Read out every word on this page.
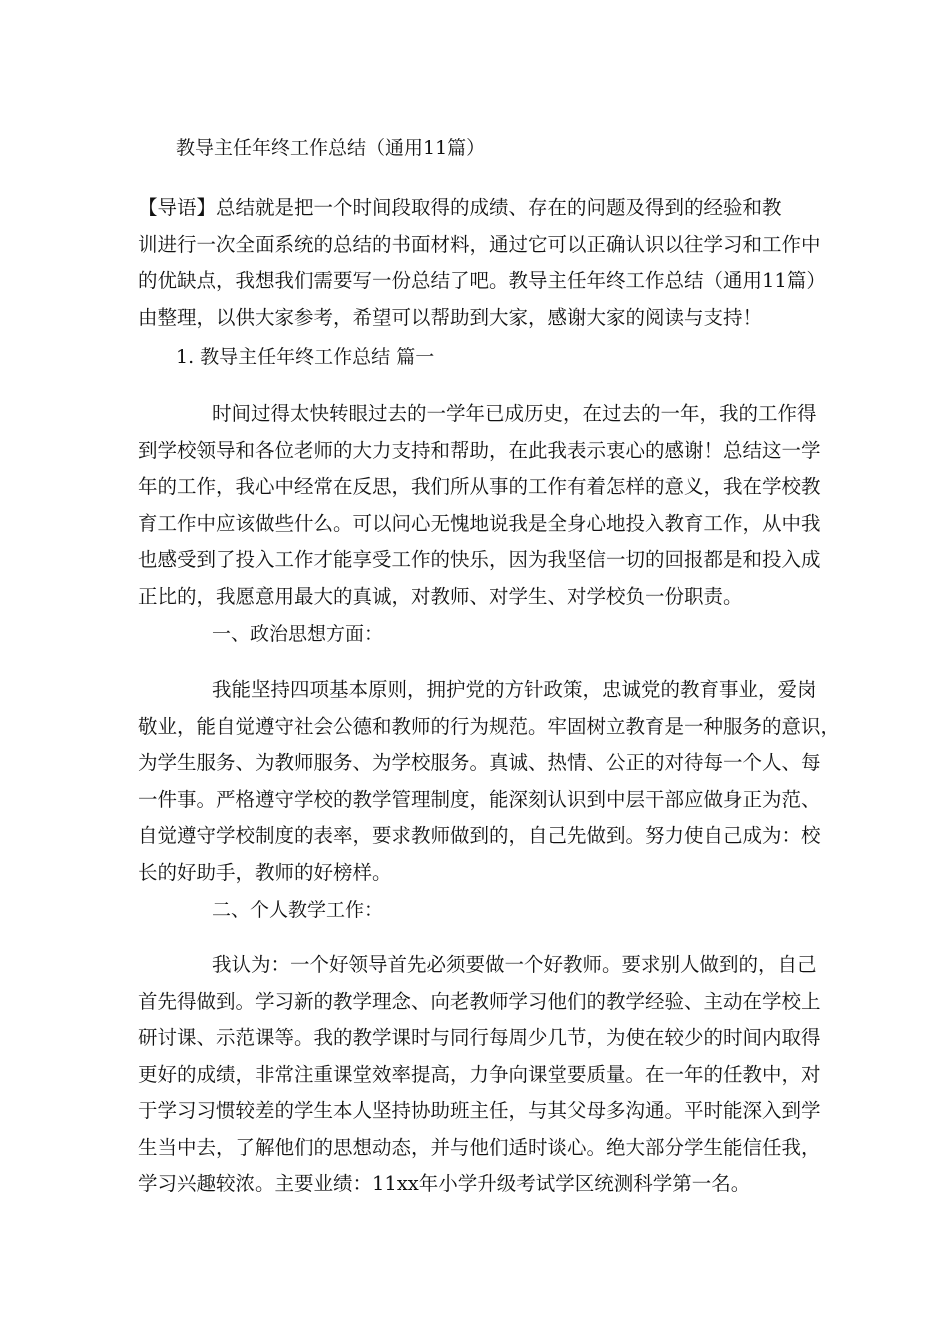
教导主任年终工作总结（通用11篇）
【导语】总结就是把一个时间段取得的成绩、存在的问题及得到的经验和教
训进行一次全面系统的总结的书面材料，通过它可以正确认识以往学习和工作中
的优缺点，我想我们需要写一份总结了吧。教导主任年终工作总结（通用11篇）
由整理，以供大家参考，希望可以帮助到大家，感谢大家的阅读与支持！
1. 教导主任年终工作总结 篇一
时间过得太快转眼过去的一学年已成历史，在过去的一年，我的工作得
到学校领导和各位老师的大力支持和帮助，在此我表示衷心的感谢！总结这一学
年的工作，我心中经常在反思，我们所从事的工作有着怎样的意义，我在学校教
育工作中应该做些什么。可以问心无愧地说我是全身心地投入教育工作，从中我
也感受到了投入工作才能享受工作的快乐，因为我坚信一切的回报都是和投入成
正比的，我愿意用最大的真诚，对教师、对学生、对学校负一份职责。
一、政治思想方面：
我能坚持四项基本原则，拥护党的方针政策，忠诚党的教育事业，爱岗
敬业，能自觉遵守社会公德和教师的行为规范。牢固树立教育是一种服务的意识，
为学生服务、为教师服务、为学校服务。真诚、热情、公正的对待每一个人、每
一件事。严格遵守学校的教学管理制度，能深刻认识到中层干部应做身正为范、
自觉遵守学校制度的表率，要求教师做到的，自己先做到。努力使自己成为：校
长的好助手，教师的好榜样。
二、个人教学工作：
我认为：一个好领导首先必须要做一个好教师。要求别人做到的，自己
首先得做到。学习新的教学理念、向老教师学习他们的教学经验、主动在学校上
研讨课、示范课等。我的教学课时与同行每周少几节，为使在较少的时间内取得
更好的成绩，非常注重课堂效率提高，力争向课堂要质量。在一年的任教中，对
于学习习惯较差的学生本人坚持协助班主任，与其父母多沟通。平时能深入到学
生当中去，了解他们的思想动态，并与他们适时谈心。绝大部分学生能信任我，
学习兴趣较浓。主要业绩：11xx年小学升级考试学区统测科学第一名。
